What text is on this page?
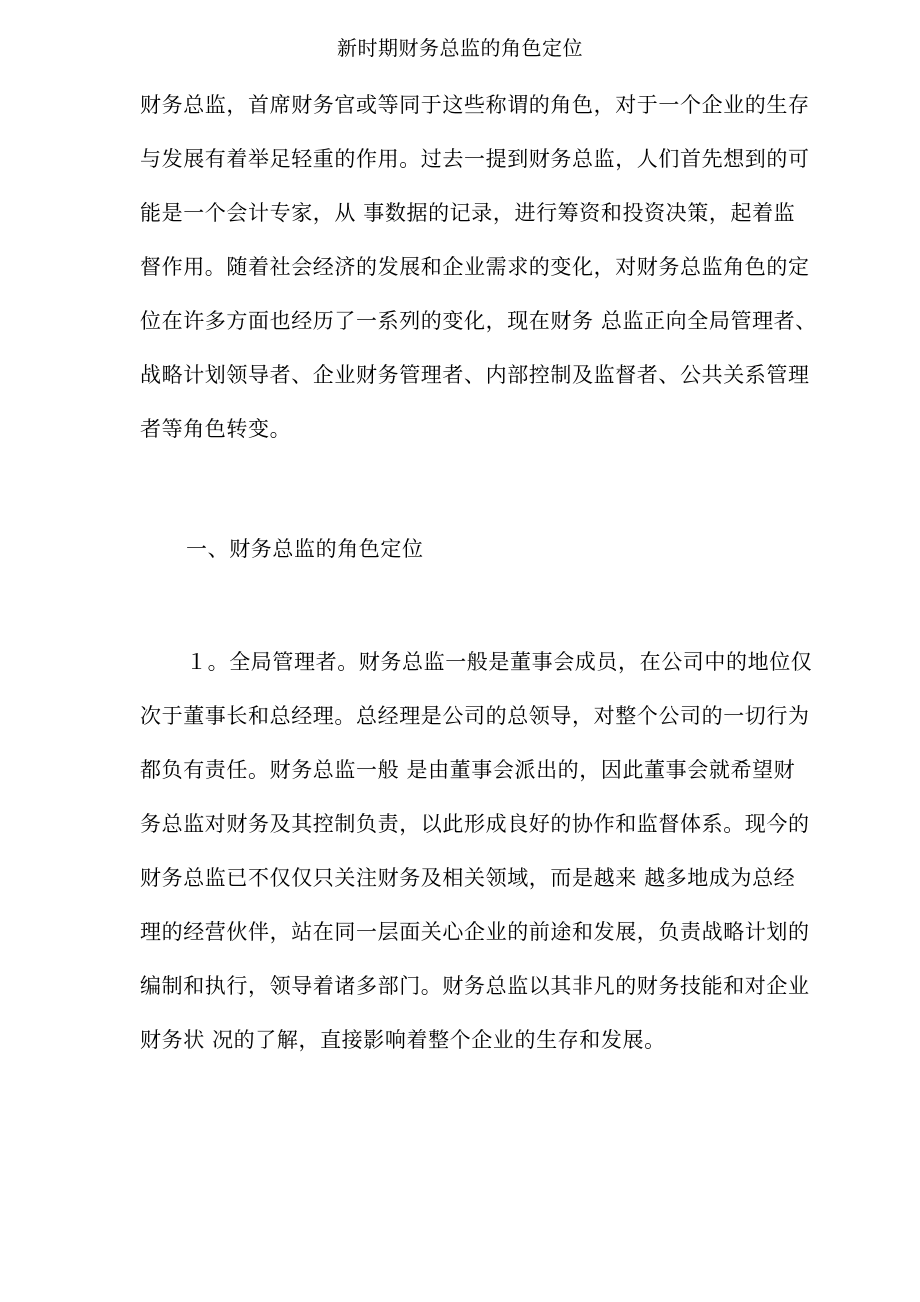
新时期财务总监的角色定位
财务总监，首席财务官或等同于这些称谓的角色，对于一个企业的生存
与发展有着举足轻重的作用。过去一提到财务总监，人们首先想到的可
能是一个会计专家，从 事数据的记录，进行筹资和投资决策，起着监
督作用。随着社会经济的发展和企业需求的变化，对财务总监角色的定
位在许多方面也经历了一系列的变化，现在财务 总监正向全局管理者、
战略计划领导者、企业财务管理者、内部控制及监督者、公共关系管理
者等角色转变。
一、财务总监的角色定位
１。全局管理者。财务总监一般是董事会成员，在公司中的地位仅
次于董事长和总经理。总经理是公司的总领导，对整个公司的一切行为
都负有责任。财务总监一般 是由董事会派出的，因此董事会就希望财
务总监对财务及其控制负责，以此形成良好的协作和监督体系。现今的
财务总监已不仅仅只关注财务及相关领域，而是越来 越多地成为总经
理的经营伙伴，站在同一层面关心企业的前途和发展，负责战略计划的
编制和执行，领导着诸多部门。财务总监以其非凡的财务技能和对企业
财务状 况的了解，直接影响着整个企业的生存和发展。
